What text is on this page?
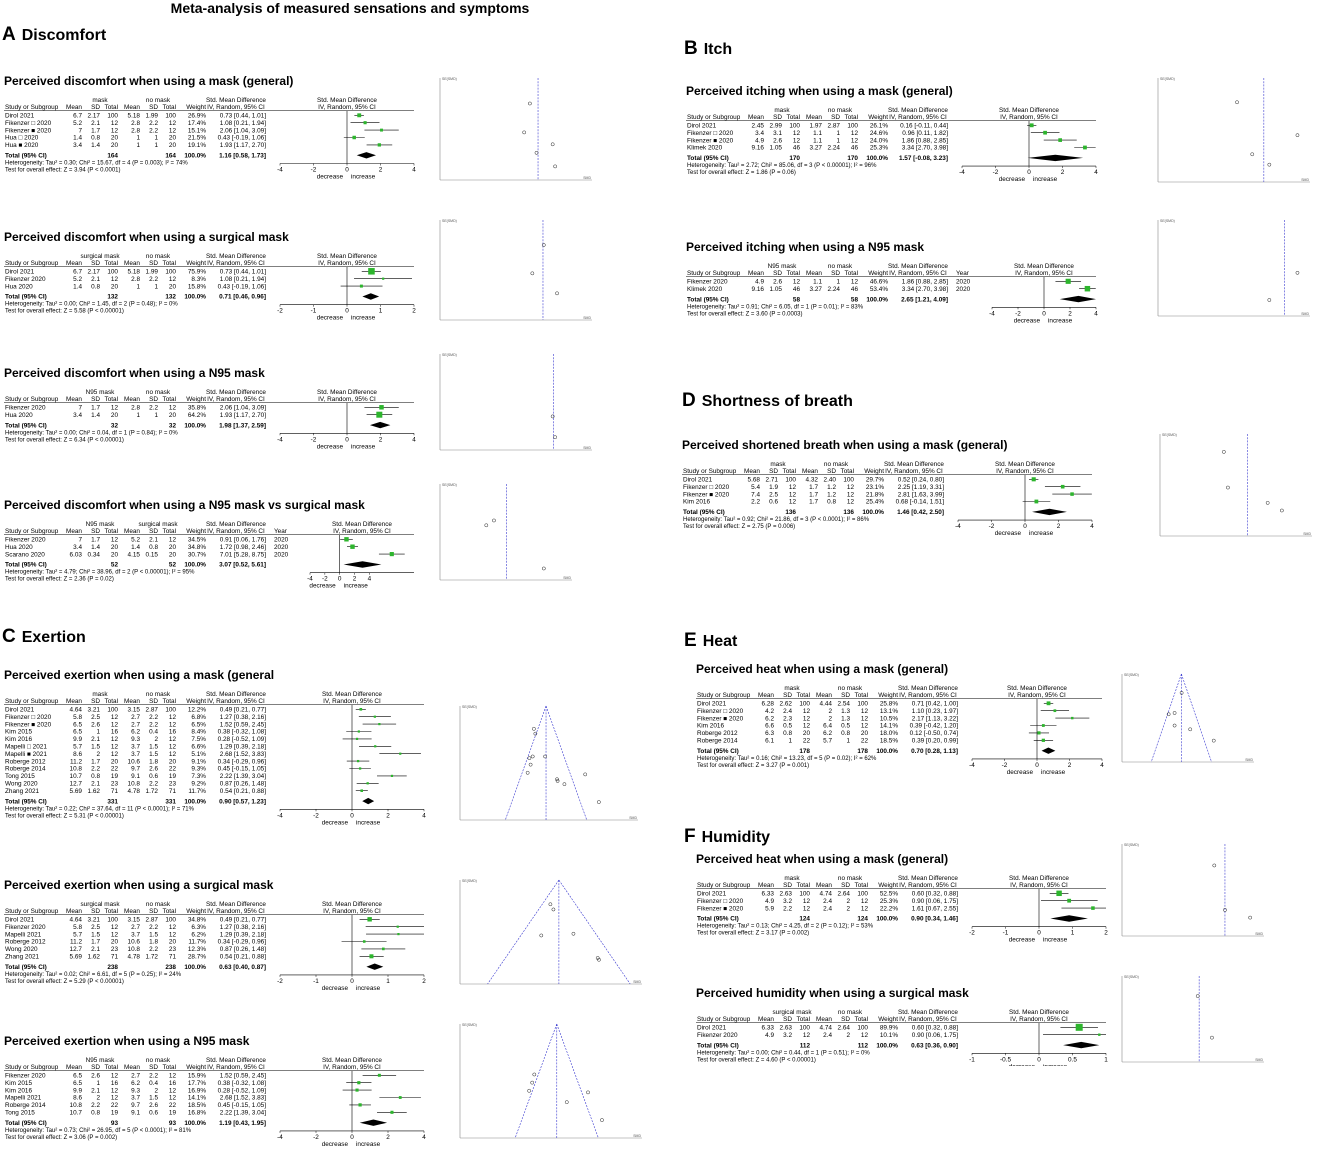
Meta-analysis of measured sensations and symptoms
A Discomfort
B Itch
C Exertion
D Shortness of breath
E Heat
F Humidity
Perceived discomfort when using a mask (general)
mask	no mask	Std. Mean Difference	Std. Mean Difference
Study or Subgroup Mean SD Total Mean SD Total Weight IV, Random, 95% CI	IV, Random, 95% CI
Dirol 2021	6.7 2.17 100 5.18 1.99 100 26.9% 0.73 [0.44, 1.01]
Fikenzer □ 2020	5.2 2.1 12 2.8 2.2 12 17.4% 1.08 [0.21, 1.94]
Fikenzer ■ 2020	7 1.7 12 2.8 2.2 12 15.1% 2.06 [1.04, 3.09]
Hua □ 2020	1.4 0.8 20	1 1 20 21.5% 0.43 [-0.19, 1.06]
Hua ■ 2020	3.4 1.4 20	1 1 20 19.1% 1.93 [1.17, 2.70]
Total (95% CI)	164	164 100.0% 1.16 [0.58, 1.73]
-4	-2	0	2	4
decrease increase
Heterogeneity: Tau² = 0.30; Chi² = 15.67, df = 4 (P = 0.003); I² = 74%
Test for overall effect: Z = 3.94 (P < 0.0001)
Perceived discomfort when using a surgical mask
surgical mask	no mask	Std. Mean Difference	Std. Mean Difference
Study or Subgroup Mean SD Total Mean SD Total Weight IV, Random, 95% CI	IV, Random, 95% CI
Dirol 2021	6.7 2.17 100 5.18 1.99 100 75.9% 0.73 [0.44, 1.01]
Fikenzer 2020	5.2 2.1 12 2.8 2.2 12 8.3% 1.08 [0.21, 1.94]
Hua 2020	1.4 0.8 20	1 1 20 15.8% 0.43 [-0.19, 1.06]
Total (95% CI)	132	132 100.0% 0.71 [0.46, 0.96]
-2	-1	0	1	2
decrease increase
Heterogeneity: Tau² = 0.00; Chi² = 1.45, df = 2 (P = 0.48); I² = 0%
Test for overall effect: Z = 5.58 (P < 0.00001)
Perceived discomfort when using a N95 mask
N95 mask	no mask	Std. Mean Difference	Std. Mean Difference
Study or Subgroup Mean SD Total Mean SD Total Weight IV, Random, 95% CI	IV, Random, 95% CI
Fikenzer 2020	7 1.7 12 2.8 2.2 12 35.8% 2.06 [1.04, 3.09]
Hua 2020	3.4 1.4 20	1 1 20 64.2% 1.93 [1.17, 2.70]
Total (95% CI)	32	32 100.0% 1.98 [1.37, 2.59]
-4	-2	0	2	4
decrease increase
Heterogeneity: Tau² = 0.00; Chi² = 0.04, df = 1 (P = 0.84); I² = 0%
Test for overall effect: Z = 6.34 (P < 0.00001)
Perceived discomfort when using a N95 mask vs surgical mask
N95 mask	surgical mask	Std. Mean Difference	Std. Mean Difference
Study or Subgroup Mean SD Total Mean SD Total Weight IV, Random, 95% CI Year	IV, Random, 95% CI
Fikenzer 2020	7 1.7 12 5.2 2.1 12 34.5% 0.91 [0.06, 1.76] 2020
Hua 2020	3.4 1.4 20 1.4 0.8 20 34.8% 1.72 [0.98, 2.46] 2020
Scarano 2020	6.03 0.34 20 4.15 0.15 20 30.7% 7.01 [5.28, 8.75] 2020
Total (95% CI)	52	52 100.0% 3.07 [0.52, 5.61]
-4 -2 0 2 4
decrease increase
Heterogeneity: Tau² = 4.79; Chi² = 38.96, df = 2 (P < 0.00001); I² = 95%
Test for overall effect: Z = 2.36 (P = 0.02)
Perceived exertion when using a mask (general
mask	no mask	Std. Mean Difference	Std. Mean Difference
Study or Subgroup Mean SD Total Mean SD Total Weight IV, Random, 95% CI	IV, Random, 95% CI
Dirol 2021	4.64 3.21 100 3.15 2.87 100 12.2% 0.49 [0.21, 0.77]
Fikenzer □ 2020	5.8 2.5 12 2.7 2.2 12 6.8% 1.27 [0.38, 2.16]
Fikenzer ■ 2020	6.5 2.6 12 2.7 2.2 12 6.5% 1.52 [0.59, 2.45]
Kim 2015	6.5 1 16 6.2 0.4 16 8.4% 0.38 [-0.32, 1.08]
Kim 2016	9.9 2.1 12 9.3 2 12 7.5% 0.28 [-0.52, 1.09]
Mapelli □ 2021	5.7 1.5 12 3.7 1.5 12 6.6% 1.29 [0.39, 2.18]
Mapelli ■ 2021	8.6 2 12 3.7 1.5 12 5.1% 2.68 [1.52, 3.83]
Roberge 2012	11.2 1.7 20 10.6 1.8 20 9.1% 0.34 [-0.29, 0.96]
Roberge 2014	10.8 2.2 22 9.7 2.6 22 9.3% 0.45 [-0.15, 1.05]
Tong 2015	10.7 0.8 19 9.1 0.6 19 7.3% 2.22 [1.39, 3.04]
Wong 2020	12.7 2.1 23 10.8 2.2 23 9.2% 0.87 [0.26, 1.48]
Zhang 2021	5.69 1.62 71 4.78 1.72 71 11.7% 0.54 [0.21, 0.88]
Total (95% CI)	331	331 100.0% 0.90 [0.57, 1.23]
-4	-2	0	2	4
decrease increase
Heterogeneity: Tau² = 0.22; Chi² = 37.64, df = 11 (P < 0.0001); I² = 71%
Test for overall effect: Z = 5.31 (P < 0.00001)
Perceived exertion when using a surgical mask
surgical mask	no mask	Std. Mean Difference	Std. Mean Difference
Study or Subgroup Mean SD Total Mean SD Total Weight IV, Random, 95% CI	IV, Random, 95% CI
Dirol 2021	4.64 3.21 100 3.15 2.87 100 34.8% 0.49 [0.21, 0.77]
Fikenzer 2020	5.8 2.5 12 2.7 2.2 12 6.3% 1.27 [0.38, 2.16]
Mapelli 2021	5.7 1.5 12 3.7 1.5 12 6.2% 1.29 [0.39, 2.18]
Roberge 2012	11.2 1.7 20 10.6 1.8 20 11.7% 0.34 [-0.29, 0.96]
Wong 2020	12.7 2.1 23 10.8 2.2 23 12.3% 0.87 [0.26, 1.48]
Zhang 2021	5.69 1.62 71 4.78 1.72 71 28.7% 0.54 [0.21, 0.88]
Total (95% CI)	238	238 100.0% 0.63 [0.40, 0.87]
-2	-1	0	1	2
decrease increase
Heterogeneity: Tau² = 0.02; Chi² = 6.61, df = 5 (P = 0.25); I² = 24%
Test for overall effect: Z = 5.29 (P < 0.00001)
Perceived exertion when using a N95 mask
N95 mask	no mask	Std. Mean Difference	Std. Mean Difference
Study or Subgroup Mean SD Total Mean SD Total Weight IV, Random, 95% CI	IV, Random, 95% CI
Fikenzer 2020	6.5 2.6 12 2.7 2.2 12 15.9% 1.52 [0.59, 2.45]
Kim 2015	6.5 1 16 6.2 0.4 16 17.7% 0.38 [-0.32, 1.08]
Kim 2016	9.9 2.1 12 9.3 2 12 16.9% 0.28 [-0.52, 1.09]
Mapelli 2021	8.6 2 12 3.7 1.5 12 14.1% 2.68 [1.52, 3.83]
Roberge 2014	10.8 2.2 22 9.7 2.6 22 18.5% 0.45 [-0.15, 1.05]
Tong 2015	10.7 0.8 19 9.1 0.6 19 16.8% 2.22 [1.39, 3.04]
Total (95% CI)	93	93 100.0% 1.19 [0.43, 1.95]
-4	-2	0	2	4
decrease increase
Heterogeneity: Tau² = 0.73; Chi² = 26.95, df = 5 (P < 0.0001); I² = 81%
Test for overall effect: Z = 3.06 (P = 0.002)
Perceived itching when using a mask (general)
mask	no mask	Std. Mean Difference	Std. Mean Difference
Study or Subgroup Mean SD Total Mean SD Total Weight IV, Random, 95% CI	IV, Random, 95% CI
Dirol 2021	2.45 2.99 100 1.97 2.87 100 26.1% 0.16 [-0.11, 0.44]
Fikenzer □ 2020	3.4 3.1 12 1.1 1 12 24.6% 0.96 [0.11, 1.82]
Fikenzer ■ 2020	4.9 2.6 12 1.1 1 12 24.0% 1.86 [0.88, 2.85]
Klimek 2020	9.16 1.05 46 3.27 2.24 46 25.3% 3.34 [2.70, 3.98]
Total (95% CI)	170	170 100.0% 1.57 [-0.08, 3.23]
-4	-2	0	2	4
decrease increase
Heterogeneity: Tau² = 2.72; Chi² = 85.06, df = 3 (P < 0.00001); I² = 96%
Test for overall effect: Z = 1.86 (P = 0.06)
Perceived itching when using a N95 mask
N95 mask	no mask	Std. Mean Difference	Std. Mean Difference
Study or Subgroup Mean SD Total Mean SD Total Weight IV, Random, 95% CI Year	IV, Random, 95% CI
Fikenzer 2020	4.9 2.6 12 1.1 1 12 46.6% 1.86 [0.88, 2.85] 2020
Klimek 2020	9.16 1.05 46 3.27 2.24 46 53.4% 3.34 [2.70, 3.98] 2020
Total (95% CI)	58	58 100.0% 2.65 [1.21, 4.09]
-4	-2	0	2	4
decrease increase
Heterogeneity: Tau² = 0.91; Chi² = 6.05, df = 1 (P = 0.01); I² = 83%
Test for overall effect: Z = 3.60 (P = 0.0003)
Perceived shortened breath when using a mask (general)
mask	no mask	Std. Mean Difference	Std. Mean Difference
Study or Subgroup Mean SD Total Mean SD Total Weight IV, Random, 95% CI	IV, Random, 95% CI
Dirol 2021	5.68 2.71 100 4.32 2.40 100 29.7% 0.52 [0.24, 0.80]
Fikenzer □ 2020	5.4 1.9 12 1.7 1.2 12 23.1% 2.25 [1.19, 3.31]
Fikenzer ■ 2020	7.4 2.5 12 1.7 1.2 12 21.8% 2.81 [1.63, 3.99]
Kim 2016	2.2 0.6 12 1.7 0.8 12 25.4% 0.68 [-0.14, 1.51]
Total (95% CI)	136	136 100.0% 1.46 [0.42, 2.50]
-4	-2	0	2	4
decrease increase
Heterogeneity: Tau² = 0.92; Chi² = 21.86, df = 3 (P < 0.0001); I² = 86%
Test for overall effect: Z = 2.75 (P = 0.006)
Perceived heat when using a mask (general)
mask	no mask	Std. Mean Difference	Std. Mean Difference
Study or Subgroup Mean SD Total Mean SD Total Weight IV, Random, 95% CI	IV, Random, 95% CI
Dirol 2021	6.28 2.62 100 4.44 2.54 100 25.8% 0.71 [0.42, 1.00]
Fikenzer □ 2020	4.2 2.4 12	2 1.3 12 13.1% 1.10 [0.23, 1.97]
Fikenzer ■ 2020	6.2 2.3 12	2 1.3 12 10.5% 2.17 [1.13, 3.22]
Kim 2016	6.6 0.5 12 6.4 0.5 12 14.1% 0.39 [-0.42, 1.20]
Roberge 2012	6.3 0.8 20 6.2 0.8 20 18.0% 0.12 [-0.50, 0.74]
Roberge 2014	6.1 1 22 5.7 1 22 18.5% 0.39 [0.20, 0.99]
Total (95% CI)	178	178 100.0% 0.70 [0.28, 1.13]
-4	-2	0	2	4
decrease increase
Heterogeneity: Tau² = 0.16; Chi² = 13.23, df = 5 (P = 0.02); I² = 62%
Test for overall effect: Z = 3.27 (P = 0.001)
Perceived heat when using a mask (general)
mask	no mask	Std. Mean Difference	Std. Mean Difference
Study or Subgroup Mean SD Total Mean SD Total Weight IV, Random, 95% CI	IV, Random, 95% CI
Dirol 2021	6.33 2.63 100 4.74 2.64 100 52.5% 0.60 [0.32, 0.88]
Fikenzer □ 2020	4.9 3.2 12 2.4 2 12 25.3% 0.90 [0.06, 1.75]
Fikenzer ■ 2020	5.9 2.2 12 2.4 2 12 22.2% 1.61 [0.67, 2.55]
Total (95% CI)	124	124 100.0% 0.90 [0.34, 1.46]
-2	-1	0	1	2
decrease increase
Heterogeneity: Tau² = 0.13; Chi² = 4.25, df = 2 (P = 0.12); I² = 53%
Test for overall effect: Z = 3.17 (P = 0.002)
Perceived humidity when using a surgical mask
surgical mask	no mask	Std. Mean Difference	Std. Mean Difference
Study or Subgroup Mean SD Total Mean SD Total Weight IV, Random, 95% CI	IV, Random, 95% CI
Dirol 2021	6.33 2.63 100 4.74 2.64 100 89.9% 0.60 [0.32, 0.88]
Fikenzer 2020	4.9 3.2 12 2.4 2 12 10.1% 0.90 [0.06, 1.75]
Total (95% CI)	112	112 100.0% 0.63 [0.36, 0.90]
-1	-0.5	0	0.5	1
decrease increase
Heterogeneity: Tau² = 0.00; Chi² = 0.44, df = 1 (P = 0.51); I² = 0%
Test for overall effect: Z = 4.60 (P < 0.00001)
SE(SMD)
SMD
SE(SMD)
SMD
SE(SMD)
SMD
SE(SMD)
SMD
SE(SMD)
SMD
SE(SMD)
SMD
SE(SMD)
SMD
SE(SMD)
SMD
SE(SMD)
SMD
SE(SMD)
SMD
SE(SMD)
SMD
SE(SMD)
SMD
SE(SMD)
SMD
